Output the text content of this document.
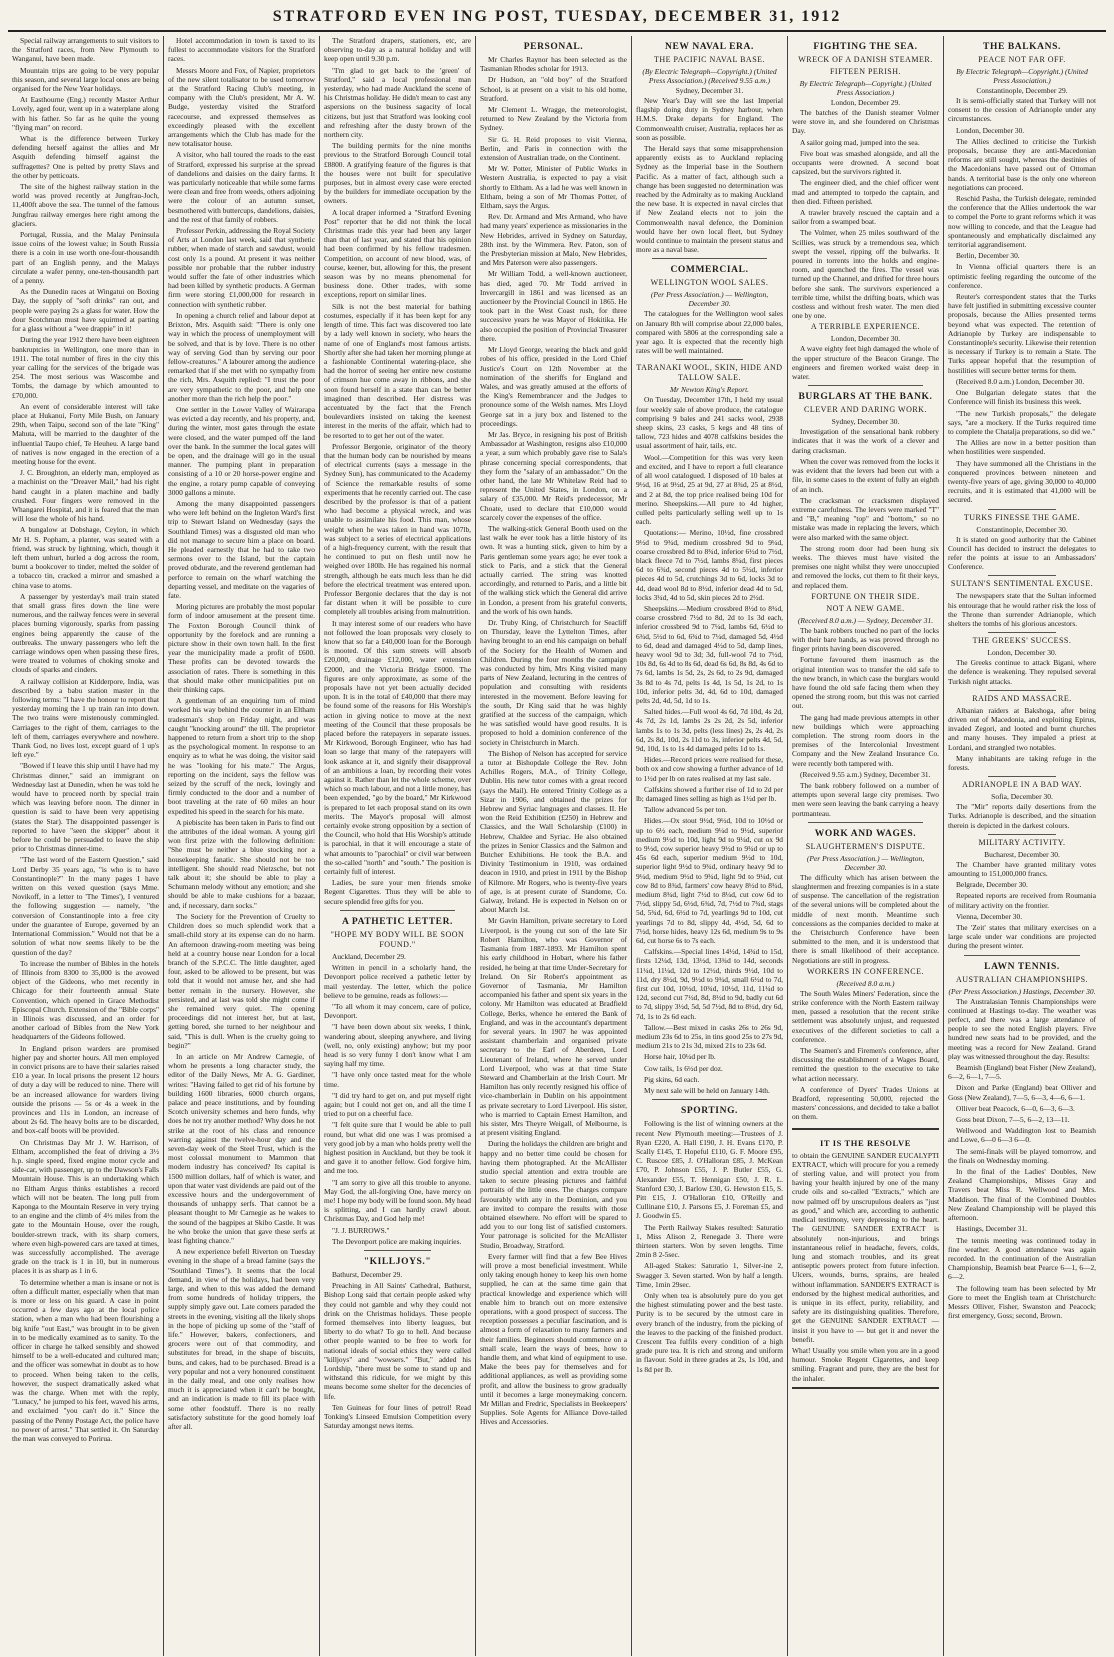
STRATFORD EVEN ING POST, TUESDAY, DECEMBER 31, 1912

Special railway arrangements to suit visitors to the Stratford races, from New Plymouth to Wanganui, have been made.

Mountain trips are going to be very popular this season, and several large local ones are being organised for the New Year holidays.

At Easthourne (Eng.) recently Master Arthur Lovely, aged four, went up in a waterplane along with his father. So far as he quite the young "flying man" on record.

What is the difference between Turkey defending herself against the allies and Mr Asquith defending himself against the suffragettes? One is pelted by pretty Slavs and the other by petticoats.

The site of the highest railway station in the world was proved recently at Jungfrau-Joch, 11,400ft above the sea. The tunnel of the famous Jungfrau railway emerges here right among the glaciers.

Portugal, Russia, and the Malay Peninsula issue coins of the lowest value; in South Russia there is a coin in use worth one-four-thousandth part of an English penny, and the Malays circulate a wafer penny, one-ten-thousandth part of a penny.

As the Dunedin races at Wingatui on Boxing Day, the supply of "soft drinks" ran out, and people were paying 2s a glass for water. How the dour Scotchman must have squirmed at parting for a glass without a "wee drappie" in it!

During the year 1912 there have been eighteen bankruptcies in Wellington, one more than in 1911. The total number of fires in the city this year calling for the services of the brigade was 254. The most serious was Wascombe and Tombs, the damage by which amounted to £70,000.

An event of considerable interest will take place at Hukanui, Forty Mile Bush, on January 29th, when Taipu, second son of the late "King" Mahuta, will be married to the daughter of the influential Taupo chief, Te Heuheu. A large band of natives is now engaged in the erection of a meeting house for the event.

J. C. Broughton, an elderly man, employed as a machinist on the "Dreaver Mail," had his right hand caught in a platen machine and badly crushed. Four fingers were removed in the Whangarei Hospital, and it is feared that the man will lose the whole of his hand.

A bungalow at Dobshage, Ceylon, in which Mr H. S. Popham, a planter, was seated with a friend, was struck by lightning, which, though it left them unhurt, hurled a dog across the room, burnt a bookcover to tinder, melted the solder of a tobacco tin, cracked a mirror and smashed a china vase to atoms.

A passenger by yesterday's mail train stated that small grass fires down the line were numerous, and the railway fences were in several places burning vigorously, sparks from passing engines being apparently the cause of the outbreaks. The unwary passengers who left the carriage windows open when passing these fires, were treated to volumes of choking smoke and clouds of sparks and cinders.

A railway collision at Kidderpore, India, was described by a babu station master in the following terms: "I have the honour to report that yesterday morning the 1 up train ran into down. The two trains were mistenously commingled. Carriages to the right of them, carriages to the left of them, carriages everywhere and nowhere. Thank God, no lives lost, except guard of 1 up's left eye."

"Bowed if I leave this ship until I have had my Christmas dinner," said an immigrant on Wednesday last at Dunedin, when he was told he would have to proceed north by special train which was leaving before noon. The dinner in question is said to have been very appetising (states the Star). The disappointed passenger is reported to have "seen the skipper" about it before he could be persuaded to leave the ship prior to Christmas dinner-time.

"The last word of the Eastern Question," said Lord Derby 35 years ago, "is who is to have Constantinople?" In the many pages I have written on this vexed question (says Mme. Novikoff, in a letter to 'The Times'), I ventured the following suggestion — namely, "the conversion of Constantinople into a free city under the guarantee of Europe, governed by an International Commission." Would not that be a solution of what now seems likely to be the question of the day?

To increase the number of Bibles in the hotels of Illinois from 8300 to 35,000 is the avowed object of the Gideons, who met recently in Chicago for their fourteenth annual State Convention, which opened in Grace Methodist Episcopal Church. Extension of the "Bible corps" in Illinois was discussed, and an order for another carload of Bibles from the New York headquarters of the Gideons followed.

In England prison warders are promised higher pay and shorter hours. All men employed in convict prisons are to have their salaries raised £10 a year. In local prisons the present 12 hours of duty a day will be reduced to nine. There will be an increased allowance for warders living outside the prisons — 5s or 4s a week in the provinces and 11s in London, an increase of about 2s 6d. The heavy bolts are to be discarded, and box-calf boots will be provided.

On Christmas Day Mr J. W. Harrison, of Eltham, accomplished the feat of driving a 3½ h.p. single speed, fixed engine motor cycle and side-car, with passenger, up to the Dawson's Falls Mountain House. This is an undertaking which no Eltham Argus thinks establishes a record which will not be beaten. The long pull from Kaponga to the Mountain Reserve in very trying to an engine and the climb of 4½ miles from the gate to the Mountain House, over the rough, boulder-strewn track, with its sharp corners, where even high-powered cars are taxed at times, was successfully accomplished. The average grade on the track is 1 in 10, but in numerous places it is as sharp as 1 in 6.

To determine whether a man is insane or not is often a difficult matter, especially when that man is more or less on his guard. A case in point occurred a few days ago at the local police station, when a man who had been flourishing a big knife "out East," was brought in to be given in to be medically examined as to sanity. To the officer in charge he talked sensibly and showed himself to be a well-educated and cultured man; and the officer was somewhat in doubt as to how to proceed. When being taken to the cells, however, the suspect dramatically asked what was the charge. When met with the reply, "Lunacy," he jumped to his feet, waved his arms, and exclaimed "you can't do it." Since the passing of the Penny Postage Act, the police have no power of arrest." That settled it. On Saturday the man was conveyed to Porirua.

Hotel accommodation in town is taxed to its fullest to accommodate visitors for the Stratford races.

Messrs Moore and Fox, of Napier, proprietors of the new silent totalisator to be used tomorrow at the Stratford Racing Club's meeting, in company with the Club's president, Mr A. W. Budge, yesterday visited the Stratford racecourse, and expressed themselves as exceedingly pleased with the excellent arrangements which the Club has made for the new totalisator house.

A visitor, who hall toured the roads to the east of Stratford, expressed his surprise at the spread of dandelions and daisies on the dairy farms. It was particularly noticeable that while some farms were clean and free from weeds, others adjoining were the colour of an autumn sunset, besmothered with buttercups, dandelions, daisies, and the rest of that family of robbers.

Professor Perkin, addressing the Royal Society of Arts at London last week, said that synthetic rubber, when made of starch and sawdust, would cost only 1s a pound. At present it was neither possible nor probable that the rubber industry would suffer the fate of other industries which had been killed by synthetic products. A German firm were storing £1,000,000 for research in connection with synthetic rubber.

In opening a church relief and labour depot at Brixton, Mrs. Asquith said: "There is only one way in which the process of unemployment will be solved, and that is by love. There is no other way of serving God than by serving our poor fellow-creatures." A labourer among the audience remarked that if she met with no sympathy from the rich, Mrs. Asquith replied: "I trust the poor are very sympathetic to the poor, and help one another more than the rich help the poor."

One settler in the Lower Valley of Wairarapa was evicted a day recently, and his property, and, during the winter, most gates through the estate were closed, and the water pumped off the land over the bank. In the summer the local gates will be open, and the drainage will go in the usual manner. The pumping plant in preparation consisting of a 10 or 20 horse-power engine and the engine, a rotary pump capable of conveying 3000 gallons a minute.

Among the many disappointed passengers who were left behind on the Ingleton Ward's first trip to Stewart Island on Wednesday (says the Southland Times) was a disgusted old man who did not manage to secure him a place on board. He pleaded earnestly that he had to take two sermons over to the Island, but the captain proved obdurate, and the reverend gentleman had perforce to remain on the wharf watching the departing vessel, and meditate on the vagaries of fate.

Moring pictures are probably the most popular form of indoor amusement at the present time. The Foxton Borough Council think of opportunity by the forelock and are running a picture show in their own town hall. In the first year the municipality made a profit of £600. These profits can be devoted towards the association of rates. There is something in this that should make other municipalities put on their thinking caps.

A gentleman of an enquiring turn of mind worked his way behind the counter in an Eltham tradesman's shop on Friday night, and was caught "knocking around" the till. The proprietor happened to return from a short trip to the shop as the psychological moment. In response to an enquiry as to what he was doing, the visitor said he was "looking for his mate." The Argus, reporting on the incident, says the fellow was seized by the scruff of the neck, lovingly and firmly conducted to the door and a number of boot traveling at the rate of 60 miles an hour expedited his speed in the search for his mate.

A piebiscite has been taken in Paris to find out the attributes of the ideal woman. A young girl won first prize with the following definition: "She must be neither a blue stocking nor a housekeeping fanatic. She should not be too intelligent. She should read Nietzsche, but not talk about it; she should be able to play a Schumann melody without any emotion; and she should be able to make cushions for a bazaar, and, if necessary, darn socks."

The Society for the Prevention of Cruelty to Children does so much splendid work that a small-child story at its expense can do no harm. An afternoon drawing-room meeting was being held at a country house near London for a local branch of the S.P.C.C. The little daughter, aged four, asked to be allowed to be present, but was told that it would not amuse her, and she had better remain in the nursery. However, she persisted, and at last was told she might come if she remained very quiet. The opening proceedings did not interest her, but at last, getting bored, she turned to her neighbour and said, "This is dull. When is the cruelty going to begin?"

In an article on Mr Andrew Carnegie, of whom he presents a long character study, the editor of the Daily News, Mr A. G. Gardiner, writes: "Having failed to get rid of his fortune by building 1600 libraries, 6000 church organs, palace and peace institutions, and by founding Scotch university schemes and hero funds, why does he not try another method? Why does he not strike at the root of his class and renounce warring against the twelve-hour day and the seven-day week of the Steel Trust, which is the most colossal monument to Mammon that modern industry has conceived? Its capital is 1500 million dollars, half of which is water, and upon that water vast dividends are paid out of the excessive hours and the undergovernment of thousands of unhappy serfs. That cannot be a pleasant thought to Mr Carnegie as he wakes to the sound of the bagpipes at Skibo Castle. It was he who broke the union that gave these serfs at least fighting chance."

A new experience befell Riverton on Tuesday evening in the shape of a bread famine (says the "Southland Times"). It seems that the local demand, in view of the holidays, had been very large, and when to this was added the demand from some hundreds of holiday trippers, the supply simply gave out. Late comers paraded the streets in the evening, visiting all the likely shops in the hope of picking up some of the "staff of life." However, bakers, confectioners, and grocers were out of that commodity, and substitutes for bread, in the shape of biscuits, buns, and cakes, had to be purchased. Bread is a very popular and not a very honoured constituent in the daily meal, and one only realises how much it is appreciated when it can't be bought, and an indication is made to fill its place with some other foodstuff. There is no really satisfactory substitute for the good homely loaf after all.

The Stratford drapers, stationers, etc, are observing to-day as a natural holiday and will keep open until 9.30 p.m.

"I'm glad to get back to the 'green' of Stratford," said a local professional man yesterday, who had made Auckland the scene of his Christmas holiday. He didn't mean to cast any aspersions on the business sagacity of local citizens, but just that Stratford was looking cool and refreshing after the dusty brown of the northern city.

The building permits for the nine months previous to the Stratford Borough Council total £8800. A gratifying feature of the figures is that the houses were not built for speculative purposes, but in almost every case were erected by the builders for immediate occupation by the owners.

A local draper informed a "Stratford Evening Post" reporter that he did not think the local Christmas trade this year had been any larger than that of last year, and stated that his opinion had been confirmed by his fellow tradesmen. Competition, on account of new blood, was, of course, keener, but, allowing for this, the present season was by no means phenomenal for business done. Other trades, with some exceptions, report on similar lines.

Silk is not the best material for bathing costumes, especially if it has been kept for any length of time. This fact was discovered too late by a lady well known in society, who hears the name of one of England's most famous artists. Shortly after she had taken her morning plunge at a fashionable Continental watering-place, she had the horror of seeing her entire new costume of crimson hue come away in ribbons, and she soon found herself in a state than can be better imagined than described. Her distress was accentuated by the fact that the French boulevardiers insisted on taking the keenest interest in the merits of the affair, which had to be resorted to to get her out of the water.

Professor Bergonie, originator of the theory that the human body can be nourished by means of electrical currents (says a message in the Sydney Sun), has communicated to the Academy of Science the remarkable results of some experiments that he recently carried out. The case described by the professor is that of a patient who had become a physical wreck, and was unable to assimilate his food. This man, whose weight when he was taken in hand was 107lb, was subject to a series of electrical applications of a high-frequency current, with the result that he continued to put on flesh until now he weighed over 180lb. He has regained his normal strength, although he eats much less than he did before the electrical treatment was entered upon. Professor Bergonie declares that the day is not far distant when it will be possible to cure completely all troubles arising from malnutrition.

It may interest some of our readers who have not followed the loan proposals very closely to know that so far a £40,000 loan for the Borough is mooted. Of this sum streets will absorb £20,000, drainage £12,000, water extension £2000, and the Victoria Bridge £6000. The figures are only approximate, as some of the proposals have not yet been actually decided upon. It is in the total of £40,000 that there may be found some of the reasons for His Worship's action in giving notice to move at the next meeting of the Council that these proposals be placed before the ratepayers in separate issues. Mr Kirkwood, Borough Engineer, who has had loan so large that many of the ratepayers will look askance at it, and signify their disapproval of an ambitious a loan, by recording their votes against it. Rather than let the whole scheme, over which so much labour, and not a little money, has been expended, "go by the board," Mr Kirkwood is prepared to let each proposal stand on its own merits. The Mayor's proposal will almost certainly evoke strong opposition by a section of the Council, who hold that His Worship's attitude is parochial, in that it will encourage a state of what amounts to "parochial" or civil war between the so-called "north" and "south." The position is certainly full of interest.

Ladies, be sure your men friends smoke Regent Cigarettes. Thus they will be able to secure splendid free gifts for you.

A PATHETIC LETTER.
"HOPE MY BODY WILL BE SOON FOUND."

Auckland, December 29.

Written in pencil in a scholarly hand, the Devonport police received a pathetic letter by mail yesterday. The letter, which the police believe to be genuine, reads as follows:—

"To all whom it may concern, care of police, Devonport.

"I have been down about six weeks, I think, wandering about, sleeping anywhere, and living (well, no, only existing) anyhow; but my poor head is so very funny I don't know what I am saying half my time.

"I have only once tasted meat for the whole time.

"I did try hard to get on, and put myself right again; but I could not get on, and all the time I tried to put on a cheerful face.

"I felt quite sure that I would be able to pull round, but what did one was I was promised a very good job by a man who holds pretty well the highest position in Auckland, but they be took it and gave it to another fellow. God forgive him, and me too.

"I am sorry to give all this trouble to anyone. May God, the all-forgiving One, have mercy on me! I hope my body will be found soon. My head is splitting, and I can hardly crawl about. Christmas Day, and God help me!

"J. J. BURROWS."

The Devonport police are making inquiries.

"KILLJOYS."

Bathurst, December 29.

Preaching in All Saints' Cathedral, Bathurst, Bishop Long said that certain people asked why they could not gamble and why they could not drink on the Christmas holidays. These people formed themselves into liberty leagues, but liberty to do what? To go to hell. And because other people wanted to be free to work for national ideals of social ethics they were called "killjoys" and "wowsers." "But," added his Lordship, "there must be some to stand up and withstand this ridicule, for we might by this means become some shelter for the decencies of life.

Ten Guineas for four lines of petrol! Read Tonking's Linseed Emulsion Competition every Saturday amongst news items.

PERSONAL.

Mr Charles Raynor has been selected as the Tasmanian Rhodes scholar for 1913.

Dr Hudson, an "old boy" of the Stratford School, is at present on a visit to his old home, Stratford.

Mr Clement L. Wragge, the meteorologist, returned to New Zealand by the Victoria from Sydney.

Sir G. H. Reid proposes to visit Vienna, Berlin, and Paris in connection with the extension of Australian trade, on the Continent.

Mr W. Potter, Minister of Public Works in Western Australia, is expected to pay a visit shortly to Eltham. As a lad he was well known in Eltham, being a son of Mr Thomas Potter, of Eltham, says the Argus.

Rev. Dr. Armand and Mrs Armand, who have had many years' experience as missionaries in the New Hebrides, arrived in Sydney on Saturday, 28th inst. by the Wimmera. Rev. Paton, son of the Presbyterian mission at Malo, New Hebrides, and Mrs Paterson were also passengers.

Mr William Todd, a well-known auctioneer, has died, aged 70. Mr Todd arrived in Invercargill in 1861 and was licensed as an auctioneer by the Provincial Council in 1865. He took part in the West Coast rush, for three successive years he was Mayor of Hokitika. He also occupied the position of Provincial Treasurer there.

Mr Lloyd George, wearing the black and gold robes of his office, presided in the Lord Chief Justice's Court on 12th November at the nomination of the sheriffs for England and Wales, and was greatly amused at the efforts of the King's Remembrancer and the Judges to pronounce some of the Welsh names. Mrs Lloyd George sat in a jury box and listened to the proceedings.

Mr Jas. Bryce, in resigning his post of British Ambassador at Washington, resigns also £10,000 a year, a sum which probably gave rise to Sala's phrase concerning special correspondents, that they form the "salary of an ambassador." On the other hand, the late Mr Whitelaw Reid had to represent the United States, in London, on a salary of £35,000. Mr Reid's predecessor, Mr Choate, used to declare that £10,000 would scarcely cover the expenses of the office.

The walking-stick General Booth used on the last walk he ever took has a little history of its own. It was a hunting stick, given to him by a Paris gentleman some years ago; he ever took a stick to Paris, and a stick that the General actually carried. The string was knotted accordingly, and returned to Paris, and a little bit of the walking stick which the General did arrive in London, a present from his grateful converts, and the work of his own hands.

Dr. Truby King, of Christchurch for Seacliff on Thursday, leave the Lyttelton Times, after having brought to an end his campaign on behalf of the Society for the Health of Women and Children. During the four months the campaign was conducted by him, Mrs King visited many parts of New Zealand, lecturing in the centres of population and consulting with residents interested in the movement. Before leaving for the south, Dr King said that he was highly gratified at the success of the campaign, which he was satisfied would have good results. It is proposed to hold a dominion conference of the society in Christchurch in March.

The Bishop of Nelson has accepted for service a tutor at Bishopdale College the Rev. John Achilles Rogers, M.A., of Trinity College, Dublin. His new tutor comes with a great record (says the Mail). He entered Trinity College as a Sizar in 1906, and obtained the prizes for Hebrew and Syriac languages and classes. II. He won the Reid Exhibition (£250) in Hebrew and Classics, and the Wall Scholarship (£100) in Hebrew, Chaldee and Syriac. He also obtained the prizes in Senior Classics and the Salmon and Butcher Exhibitions. He took the B.A. and Divinity Testimonium in 1910, was ordained deacon in 1910, and priest in 1911 by the Bishop of Kilmore. Mr Rogers, who is twenty-five years of age, is at present curate of Standome, Co. Galway, Ireland. He is expected in Nelson on or about March 1st.

Mr Gavin Hamilton, private secretary to Lord Liverpool, is the young cut son of the late Sir Robert Hamilton, who was Governor of Tasmania from 1887-1893. Mr Hamilton spent his early childhood in Hobart, where his father resided, he being at that time Under-Secretary for Ireland. On Sir Robert's appointment as Governor of Tasmania, Mr Hamilton accompanied his father and spent six years in the colony. Mr Hamilton was educated at Bradfield College, Berks, whence he entered the Bank of England, and was in the accountant's department for several years. In 1907 he was appointed assistant chamberlain and organised private secretary to the Earl of Aberdeen, Lord Lieutenant of Ireland, where he served under Lord Liverpool, who was at that time State Steward and Chamberlain at the Irish Court. Mr Hamilton has only recently resigned his office of vice-chamberlain in Dublin on his appointment as private secretary to Lord Liverpool. His sister, who is married to Captain Ernest Hamilton, and his sister, Mrs Theyre Weigall, of Melbourne, is at present visiting England.

During the holidays the children are bright and happy and no better time could be chosen for having them photographed. At the McAllister studio special attention and extra trouble are taken to secure pleasing pictures and faithful portraits of the little ones. The charges compare favourably with any in the Dominion, and you are invited to compare the results with those obtained elsewhere. No effort will be spared to add you to our long list of satisfied customers. Your patronage is solicited for the McAllister Studio, Broadway, Stratford.

Every farmer will find that a few Bee Hives will prove a most beneficial investment. While only taking enough honey to keep his own home supplied, he can at the same time gain that practical knowledge and experience which will enable him to branch out on more extensive operations, with a good prospect of success. The reception possesses a peculiar fascination, and is almost a form of relaxation to many farmers and their families. Beginners should commence on a small scale, learn the ways of bees, how to handle them, and what kind of equipment to use. Make the bees pay for themselves and for additional appliances, as well as providing some profit, and allow the business to grow gradually until it becomes a large moneymaking concern. Mr Millan and Fredric, Specialists in Beekeepers' Supplies. Sole Agents for Alliance Dove-tailed Hives and Accessories.

NEW NAVAL ERA.
THE PACIFIC NAVAL BASE.
(By Electric Telegraph—Copyright.) (United Press Association.) (Received 9.55 a.m.)
Sydney, December 31.

New Year's Day will see the last Imperial flagship doing duty in Sydney harbour, when H.M.S. Drake departs for England. The Commonwealth cruiser, Australia, replaces her as soon as possible.

The Herald says that some misapprehension apparently exists as to Auckland replacing Sydney as the Imperial base in the Southern Pacific. As a matter of fact, although such a change has been suggested no determination was reached by the Admiralty as to making Auckland the new base. It is expected in naval circles that if New Zealand elects not to join the Commonwealth naval defence, the Dominion would have her own local fleet, but Sydney would continue to maintain the present status and more as a naval base.

COMMERCIAL.
WELLINGTON WOOL SALES.
(Per Press Association.) — Wellington, December 30.

The catalogues for the Wellington wool sales on January 8th will comprise about 22,000 bales, compared with 5806 at the corresponding sale a year ago. It is expected that the recently high rates will be well maintained.

TARANAKI WOOL, SKIN, HIDE AND TALLOW SALE.
Mr Newton King's Report.

On Tuesday, December 17th, I held my usual four weekly sale of above produce, the catalogue comprising 9 bales and 241 sacks wool, 2938 sheep skins, 23 casks, 5 kegs and 48 tins of tallow, 723 hides and 4078 calfskins besides the usual assortment of hair, tails, etc.

Wool.—Competition for this was very keen and excited, and I have to report a full clearance of all wool catalogued. I disposed of 10 bales at 9½d, 16 at 9½d, 25 at 9d, 27 at 8¾d, 25 at 8½d, and 2 at 8d, the top price realised being 10d for merino. Sheepskins.—All pure to 4d higher, culled pelts particularly selling well up to 1s each.

Quotations:— Merino, 10½d, fine crossbred 9½d to 9¾d, medium crossbred 9d to 9¼d, coarse crossbred 8d to 8¾d, inferior 6½d to 7½d, black fleece 7d to 7½d, lambs 8¼d, first pieces 6d to 6¾d, second pieces 4d to 5½d, inferior pieces 4d to 5d, crutchings 3d to 6d, locks 3d to 4d, dead wool 8d to 8½d, inferior dead 4d to 5d, locks 3¼d, 4d to 5d, skin pieces 2d to 2½d.

Sheepskins.—Medium crossbred 8½d to 8¾d, coarse crossbred 7½d to 8d, 2d to 1s 3d each, inferior crossbred 9d to 7¼d, lambs 6d, 6½d to 6¾d, 5½d to 6d, 6¾d to 7¼d, damaged 5d, 4½d to 6d, dead and damaged 4½d to 5d, damp lines, heavy wool 9d to 3d; 3d, full-wool 7d to 7½d, 10s 8d, 6s 4d to 8s 6d, dead 6s 6d, 8s 8d, 4s 6d to 7s 6d, lambs 1s 5d, 2s, 2s 6d, to 2s 9d, damaged 3s 8d to 4s 7d, pelts 1s 4d, 1s 5d, 1s 2d, to 1s 10d, inferior pelts 3d, 4d, 6d to 10d, damaged pelts 2d, 4d, 5d, 1d to 1s.

Salted hides.—Full wool 4s 6d, 7d 10d, 4s 2d, 4s 7d, 2s 1d, lambs 2s 2s 2d, 2s 5d, inferior lambs 1s to 1s 3d, pelts (less lines) 2s, 2s 4d, 2s 6d, 2s 8d, 10d, 2s 11d to 3s, inferior pelts 4d, 5d, 9d, 10d, 1s to 1s 4d damaged pelts 1d to 1s.

Hides.—Record prices were realised for these, both ox and cow showing a further advance of 1d to 1½d per lb on rates realised at my last sale.

Calfskins showed a further rise of 1d to 2d per lb; damaged lines selling as high as 1½d per lb.

Tallow advanced 5s per ton.

Hides.—Ox stout 9½d, 9½d, 10d to 10½d or up to 6½ each, medium 9¼d to 9½d, superior medium 9½d to 10d, light 9d to 9¼d, cut ox 9d to 9½d, cow superior heavy 9½d to 9¾d or up to 45s 6d each, superior medium 9½d to 10d, superior light 9½d to 9¾d, ordinary heavy 9d to 9¼d, medium 9½d to 9¾d, light 9d to 9¼d, cut cow 8d to 8¾d, farmers' cow heavy 8½d to 8¾d, medium 8¾d, light 7½d to 8¼d, cut cow 6d to 7½d, slippy 5d, 6½d, 6¾d, 7d, 7½d to 7¾d, stags 5d, 5¾d, 6d, 6½d to 7d, yearlings 9d to 10d, cut yearlings 7d to 8d, slippy 4d, 4½d, 5d, 6d to 7½d, horse hides, heavy 12s 6d, medium 9s to 9s 6d, cut horse 6s to 7s each.

Calfskins.—Special lines 14½d, 14¾d to 15d, firsts 12¼d, 13d, 13½d, 13¾d to 14d, seconds 11¼d, 11¼d, 12d to 12½d, thirds 9½d, 10d to 11d, dry 8½d, 9d, 9½d to 9¾d, small 6½d to 7d, first cut 10d, 10½d, 10¾d, 10½d, 11d, 11¼d to 12d, second cut 7½d, 8d, 8½d to 9d, badly cut 6d to 7d, slippy 3½d, 5d, 5d 7½d, 8d to 8½d, dry 6d, 7d, 1s to 2s 6d each.

Tallow.—Best mixed in casks 26s to 26s 9d, medium 23s 6d to 25s, in tins good 25s to 27s 9d, medium 21s to 21s 3d, mixed 21s to 23s 6d.

Horse hair, 10¼d per lb.

Cow tails, 1s 6½d per doz.

Pig skins, 6d each.

My next sale will be held on January 14th.

SPORTING.

Following is the list of winning owners at the recent New Plymouth meeting:—Trustees of J. Ryan £220, A. Hall £190, J. H. Evans £170, P. Scally £145, T. Hopeful £110, G. F. Moore £95, C. Ruscoe £85, J. O'Halloran £85, J. McKean £70, P. Johnson £55, J. P. Butler £55, G. Alexander £55, T. Hennigan £50, J. R. L. Stanford £30, J. Barlow £30, G. Hewston £15, S. Pitt £15, J. O'Halloran £10, O'Reilly and Cullinane £10, J. Parsons £5, J. Foreman £5, and J. Goodwin £5.

The Perth Railway Stakes resulted: Saturatio 1, Miss Alison 2, Renegade 3. There were thirteen starters. Won by seven lengths. Time 2min 8 2-5sec.

All-aged Stakes: Saturatio 1, Silver-ine 2, Swagger 3. Seven started. Won by half a length. Time, 1min 29sec.

Only when tea is absolutely pure do you get the highest stimulating power and the best taste. Purity is to be secured by the utmost care in every branch of the industry, from the picking of the leaves to the packing of the finished product. Crescent Tea fulfils every condition of a high grade pure tea. It is rich and strong and uniform in flavour. Sold in three grades at 2s, 1s 10d, and 1s 8d per lb.

FIGHTING THE SEA.
WRECK OF A DANISH STEAMER.
FIFTEEN PERISH.
By Electric Telegraph—Copyright.) (United Press Association.)
London, December 29.

The batches of the Danish steamer Volmer were stove in, and she foundered on Christmas Day.

A sailor going mad, jumped into the sea.

Five boat was smashed alongside, and all the occupants were drowned. A second boat capsized, but the survivors righted it.

The engineer died, and the chief officer went mad and attempted to torpedo the captain, and then died. Fifteen perished.

A trawler bravely rescued the captain and a sailor from a swamped boat.

The Volmer, when 25 miles southward of the Scillies, was struck by a tremendous sea, which swept the vessel, ripping off the bulwarks. It poured in torrents into the holds and engine-room, and quenched the fires. The vessel was turned up the Channel, and drifted for three hours before she sank. The survivors experienced a terrible time, whilst the drifting boats, which was costless and without fresh water. The men died one by one.

A TERRIBLE EXPERIENCE.
London, December 30.

A wave eighty feet high damaged the whole of the upper structure of the Beacon Grange. The engineers and firemen worked waist deep in water.

BURGLARS AT THE BANK.
CLEVER AND DARING WORK.
Sydney, December 30.

Investigation of the sensational bank robbery indicates that it was the work of a clever and daring cracksman.

When the cover was removed from the locks it was evident that the levers had been cut with a file, in some cases to the extent of fully an eighth of an inch.

The cracksman or cracksmen displayed extreme carefulness. The levers were marked "T" and "B," meaning "top" and "bottom," so no mistake was made in replacing the levers, which were also marked with the same object.

The strong room door had been hung six weeks. The thieves must have visited the premises one night whilst they were unoccupied and removed the locks, cut them to fit their keys, and replaced them.

FORTUNE ON THEIR SIDE.
NOT A NEW GAME.
(Received 8.0 a.m.) — Sydney, December 31.

The bank robbers touched no part of the locks with their bare hands, as was proved through no finger prints having been discovered.

Fortune favoured them inasmuch as the original intention was to transfer the old safe to the new branch, in which case the burglars would have found the old safe facing them when they opened the strong room, but this was not carried out.

The gang had made previous attempts in other new buildings which were approaching completion. The strong room doors in the premises of the Intercolonial Investment Company and the New Zealand Insurance Co. were recently both tampered with.

(Received 9.55 a.m.) Sydney, December 31.

The bank robbery followed on a number of attempts upon several large city premises. Two men were seen leaving the bank carrying a heavy portmanteau.

WORK AND WAGES.
SLAUGHTERMEN'S DISPUTE.
(Per Press Association.) — Wellington, December 30.

The difficulty which has arisen between the slaughtermen and freezing companies is in a state of suspense. The cancellation of the registration of the several unions will be completed about the middle of next month. Meantime such concessions as the companies decided to make at the Christchurch Conference have been submitted to the men, and it is understood that there is small likelihood of their acceptance. Negotiations are still in progress.

WORKERS IN CONFERENCE.
(Received 8.0 a.m.)

The South Wales Miners' Federation, since the strike conference with the North Eastern railway men, passed a resolution that the recent strike settlement was absolutely unjust, and requested executives of the different societies to call a conference.

The Seamen's and Firemen's conference, after discussing the establishment of a Wages Board, remitted the question to the executive to take what action necessary.

A conference of Dyers' Trades Unions at Bradford, representing 50,000, rejected the masters' concessions, and decided to take a ballot on them.

IT IS THE RESOLVE

to obtain the GENUINE SANDER EUCALYPTI EXTRACT, which will procure for you a remedy of sterling value, and will protect you from having your health injured by one of the many crude oils and so-called "Extracts," which are now palmed off by unscrupulous dealers as "just as good," and which are, according to authentic medical testimony, very depressing to the heart. The GENUINE SANDER EXTRACT is absolutely non-injurious, and brings instantaneous relief in headache, fevers, colds, lung and stomach troubles, and its great antiseptic powers protect from future infection. Ulcers, wounds, burns, sprains, are healed without inflammation. SANDER'S EXTRACT is endorsed by the highest medical authorities, and is unique in its effect, purity, reliability, and safety are its distinguishing qualities. Therefore, get the GENUINE SANDER EXTRACT — insist it you have to — but get it and never the benefit.

What! Usually you smile when you are in a good humour. Smoke Regent Cigarettes, and keep smiling. Fragrant and pure, they are the best for the inhaler.

THE BALKANS.
PEACE NOT FAR OFF.
By Electric Telegraph—Copyright.) (United Press Association.)
Constantinople, December 29.

It is semi-officially stated that Turkey will not consent to the cession of Adrianople under any circumstances.

London, December 30.

The Allies declined to criticise the Turkish proposals, because they are anti-Macedonian reforms are still sought, whereas the destinies of the Macedonians have passed out of Ottoman hands. A territorial base is the only one whereon negotiations can proceed.

Reschid Pasha, the Turkish delegate, reminded the conference that the Allies undertook the war to compel the Porte to grant reforms which it was now willing to concede, and that the League had spontaneously and emphatically disclaimed any territorial aggrandisement.

Berlin, December 30.

In Vienna official quarters there is an optimistic feeling regarding the outcome of the conference.

Reuter's correspondent states that the Turks have felt justified in submitting excessive counter proposals, because the Allies presented terms beyond what was expected. The retention of Adrianople by Turkey are indispensable to Constantinople's security. Likewise their retention is necessary if Turkey is to remain a State. The Turks appear hopeful that the resumption of hostilities will secure better terms for them.

(Received 8.0 a.m.) London, December 30.

One Bulgarian delegate states that the Conference will finish its business this week.

"The new Turkish proposals," the delegate says, "are a mockery. If the Turks required time to complete the Chatalja preparations, so did we."

The Allies are now in a better position than when hostilities were suspended.

They have summoned all the Christians in the conquered provinces between nineteen and twenty-five years of age, giving 30,000 to 40,000 recruits, and it is estimated that 41,000 will be secured.

TURKS FINESSE THE GAME.
Constantinople, December 30.

It is stated on good authority that the Cabinet Council has decided to instruct the delegates to refer the points at issue to an Ambassadors' Conference.

SULTAN'S SENTIMENTAL EXCUSE.

The newspapers state that the Sultan informed his entourage that he would rather risk the loss of the Throne than surrender Adrianople, which shelters the tombs of his glorious ancestors.

THE GREEKS' SUCCESS.
London, December 30.

The Greeks continue to attack Bigani, where the defence is weakening. They repulsed several Turkish night attacks.

RAIDS AND MASSACRE.

Albanian raiders at Bakshoga, after being driven out of Macedonia, and exploiting Epirus, invaded Zegori, and looted and burnt churches and many houses. They impaled a priest at Lordani, and strangled two notables.

Many inhabitants are taking refuge in the forests.

ADRIANOPLE IN A BAD WAY.
Sofia, December 30.

The "Mir" reports daily desertions from the Turks. Adrianople is described, and the situation therein is depicted in the darkest colours.

MILITARY ACTIVITY.
Bucharest, December 30.

The Chamber have granted military votes amounting to 151,000,000 francs.

Belgrade, December 30.

Repeated reports are received from Roumania of military activity on the frontier.

Vienna, December 30.

The 'Zeit' states that military exercises on a large scale under war conditions are projected during the present winter.

LAWN TENNIS.
AUSTRALIAN CHAMPIONSHIPS.
(Per Press Association.) Hastings, December 30.

The Australasian Tennis Championships were continued at Hastings to-day. The weather was perfect, and there was a large attendance of people to see the noted English players. Five hundred new seats had to be provided, and the meeting was a record for New Zealand. Grand play was witnessed throughout the day. Results:

Beamish (England) beat Fisher (New Zealand), 6—2, 6—1, 7—5.

Dixon and Parke (England) beat Olliver and Goss (New Zealand), 7—5, 6—3, 4—6, 6—1.

Olliver beat Peacock, 6—0, 6—3, 6—3.

Goss beat Dixon, 7—5, 6—2, 13—11.

Wellwood and Waddington lost to Beamish and Lowe, 6—0 6—3 6—0.

The semi-finals will be played tomorrow, and the finals on Wednesday morning.

In the final of the Ladies' Doubles, New Zealand Championships, Misses Gray and Travers beat Miss R. Wellwood and Mrs. Maddison. The final of the Combined Doubles New Zealand Championship will be played this afternoon.

Hastings, December 31.

The tennis meeting was continued today in fine weather. A good attendance was again recorded. In the continuation of the Australian Championship, Beamish beat Pearce 6—1, 6—2, 6—2.

The following team has been selected by Mr Gore to meet the English team at Christchurch: Messrs Olliver, Fisher, Swanston and Peacock; first emergency, Goss; second, Brown.
